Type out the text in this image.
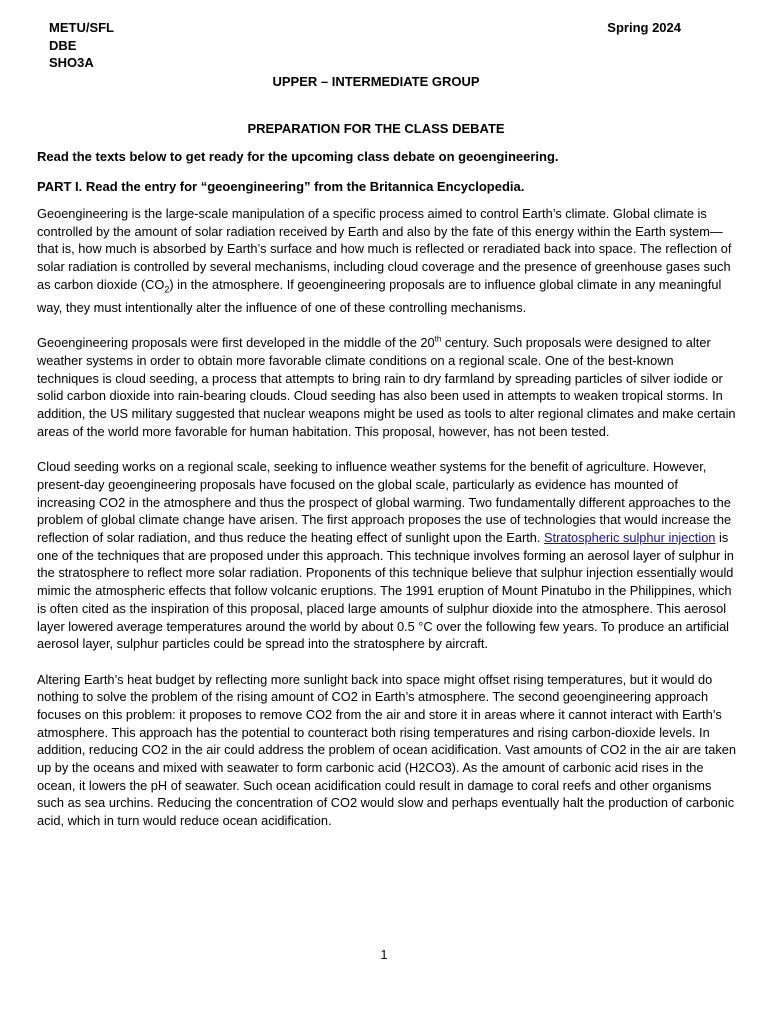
METU/SFL
DBE
SHO3A
Spring 2024
UPPER – INTERMEDIATE GROUP
PREPARATION FOR THE CLASS DEBATE
Read the texts below to get ready for the upcoming class debate on geoengineering.
PART I. Read the entry for “geoengineering” from the Britannica Encyclopedia.

Geoengineering is the large-scale manipulation of a specific process aimed to control Earth’s climate. Global climate is controlled by the amount of solar radiation received by Earth and also by the fate of this energy within the Earth system—that is, how much is absorbed by Earth’s surface and how much is reflected or reradiated back into space. The reflection of solar radiation is controlled by several mechanisms, including cloud coverage and the presence of greenhouse gases such as carbon dioxide $(CO_2)$ in the atmosphere. If geoengineering proposals are to influence global climate in any meaningful way, they must intentionally alter the influence of one of these controlling mechanisms.

Geoengineering proposals were first developed in the middle of the 20th century. Such proposals were designed to alter weather systems in order to obtain more favorable climate conditions on a regional scale. One of the best-known techniques is cloud seeding, a process that attempts to bring rain to dry farmland by spreading particles of silver iodide or solid carbon dioxide into rain-bearing clouds. Cloud seeding has also been used in attempts to weaken tropical storms. In addition, the US military suggested that nuclear weapons might be used as tools to alter regional climates and make certain areas of the world more favorable for human habitation. This proposal, however, has not been tested.

Cloud seeding works on a regional scale, seeking to influence weather systems for the benefit of agriculture. However, present-day geoengineering proposals have focused on the global scale, particularly as evidence has mounted of increasing CO2 in the atmosphere and thus the prospect of global warming. Two fundamentally different approaches to the problem of global climate change have arisen. The first approach proposes the use of technologies that would increase the reflection of solar radiation, and thus reduce the heating effect of sunlight upon the Earth. Stratospheric sulphur injection is one of the techniques that are proposed under this approach. This technique involves forming an aerosol layer of sulphur in the stratosphere to reflect more solar radiation. Proponents of this technique believe that sulphur injection essentially would mimic the atmospheric effects that follow volcanic eruptions. The 1991 eruption of Mount Pinatubo in the Philippines, which is often cited as the inspiration of this proposal, placed large amounts of sulphur dioxide into the atmosphere. This aerosol layer lowered average temperatures around the world by about 0.5 °C over the following few years. To produce an artificial aerosol layer, sulphur particles could be spread into the stratosphere by aircraft.

Altering Earth’s heat budget by reflecting more sunlight back into space might offset rising temperatures, but it would do nothing to solve the problem of the rising amount of CO2 in Earth’s atmosphere. The second geoengineering approach focuses on this problem: it proposes to remove CO2 from the air and store it in areas where it cannot interact with Earth’s atmosphere. This approach has the potential to counteract both rising temperatures and rising carbon-dioxide levels. In addition, reducing CO2 in the air could address the problem of ocean acidification. Vast amounts of CO2 in the air are taken up by the oceans and mixed with seawater to form carbonic acid (H2CO3). As the amount of carbonic acid rises in the ocean, it lowers the pH of seawater. Such ocean acidification could result in damage to coral reefs and other organisms such as sea urchins. Reducing the concentration of CO2 would slow and perhaps eventually halt the production of carbonic acid, which in turn would reduce ocean acidification.

1
